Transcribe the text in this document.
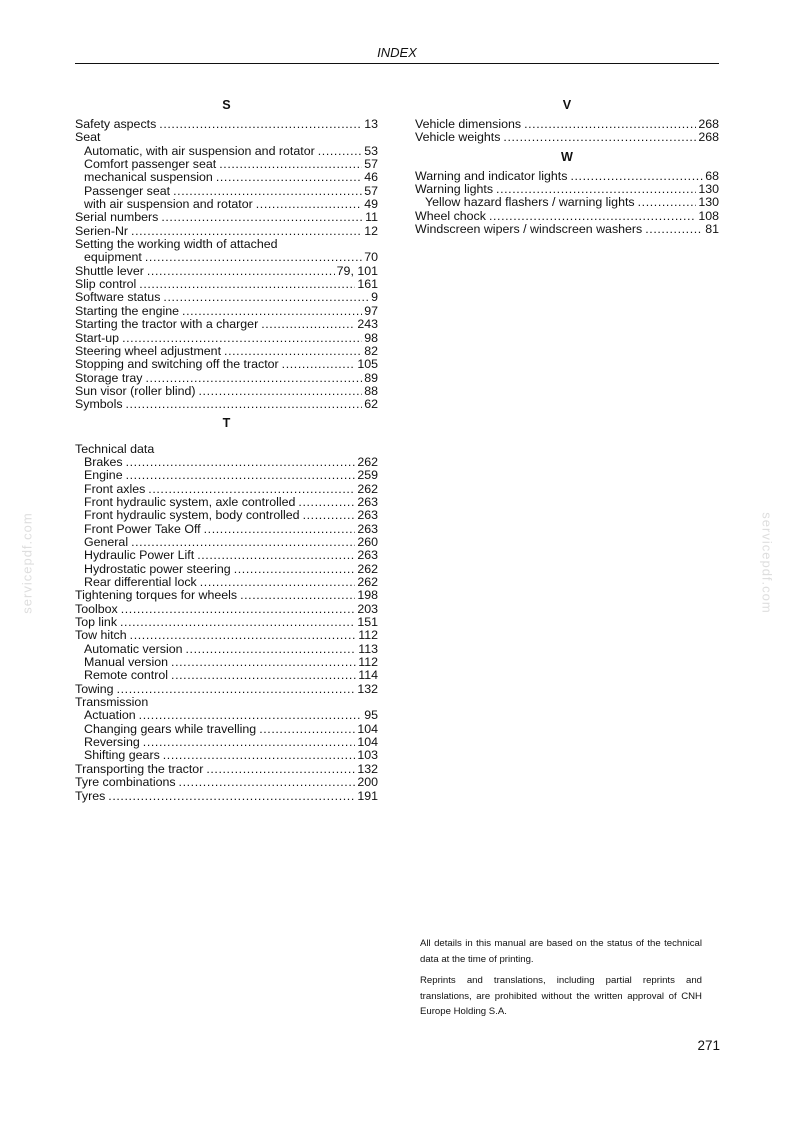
INDEX
servicepdf.com	servicepdf.com
S
Safety aspects .....	13
Seat
Automatic, with air suspension and rotator .....	53
Comfort passenger seat .....	57
mechanical suspension .....	46
Passenger seat .....	57
with air suspension and rotator .....	49
Serial numbers .....	11
Serien-Nr .....	12
Setting the working width of attached
equipment .....	70
Shuttle lever .....	79, 101
Slip control .....	161
Software status .....	9
Starting the engine .....	97
Starting the tractor with a charger .....	243
Start-up .....	98
Steering wheel adjustment .....	82
Stopping and switching off the tractor .....	105
Storage tray .....	89
Sun visor (roller blind) .....	88
Symbols .....	62
T
Technical data
Brakes .....	262
Engine .....	259
Front axles .....	262
Front hydraulic system, axle controlled .....	263
Front hydraulic system, body controlled .....	263
Front Power Take Off .....	263
General .....	260
Hydraulic Power Lift .....	263
Hydrostatic power steering .....	262
Rear differential lock .....	262
Tightening torques for wheels .....	198
Toolbox .....	203
Top link .....	151
Tow hitch .....	112
Automatic version .....	113
Manual version .....	112
Remote control .....	114
Towing .....	132
Transmission
Actuation .....	95
Changing gears while travelling .....	104
Reversing .....	104
Shifting gears .....	103
Transporting the tractor .....	132
Tyre combinations .....	200
Tyres .....	191
V
Vehicle dimensions .....	268
Vehicle weights .....	268
W
Warning and indicator lights .....	68
Warning lights .....	130
Yellow hazard flashers / warning lights .....	130
Wheel chock .....	108
Windscreen wipers / windscreen washers .....	81

All details in this manual are based on the status of the technical data at the time of printing.

Reprints and translations, including partial reprints and translations, are prohibited without the written approval of CNH Europe Holding S.A.

271
